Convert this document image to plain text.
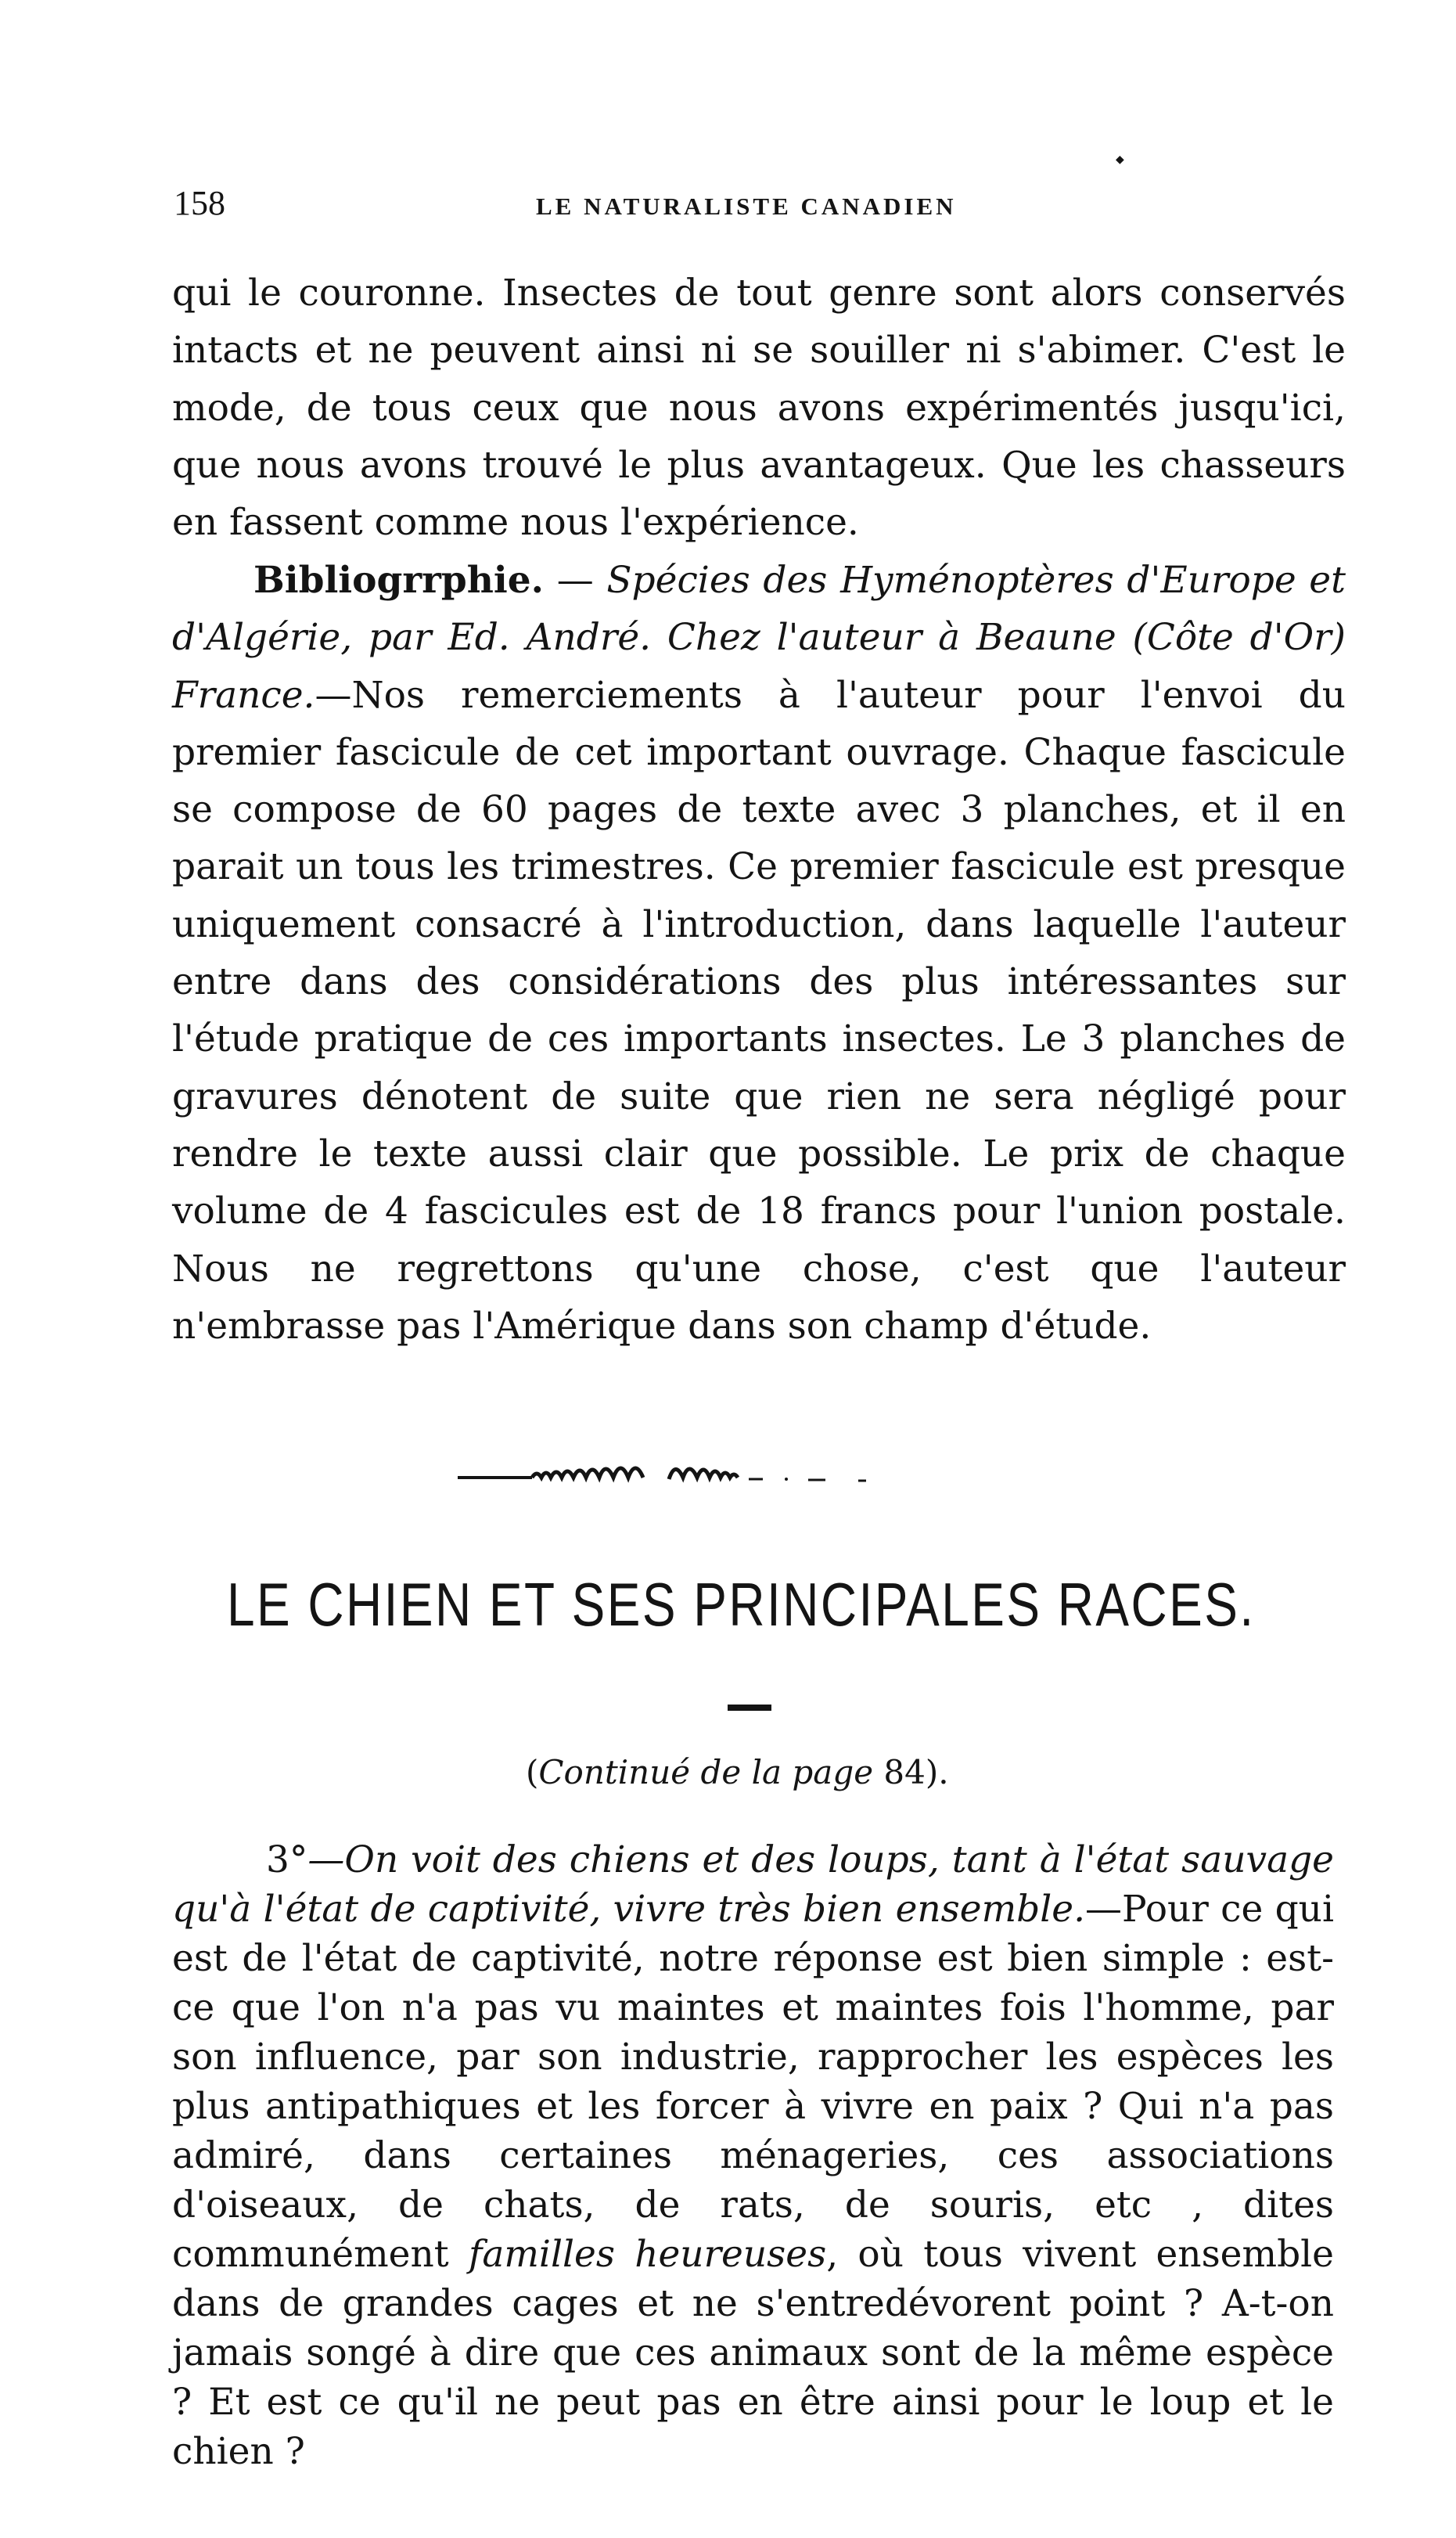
158	LE NATURALISTE CANADIEN
◆

qui le couronne. Insectes de tout genre sont alors conservés intacts et ne peuvent ainsi ni se souiller ni s'abimer. C'est le mode, de tous ceux que nous avons expérimentés jusqu'ici, que nous avons trouvé le plus avantageux. Que les chasseurs en fassent comme nous l'expérience.

Bibliogrrphie. — Spécies des Hyménoptères d'Europe et d'Algérie, par Ed. André. Chez l'auteur à Beaune (Côte d'Or) France.—Nos remerciements à l'auteur pour l'envoi du premier fascicule de cet important ouvrage. Chaque fascicule se compose de 60 pages de texte avec 3 planches, et il en parait un tous les trimestres. Ce premier fascicule est presque uniquement consacré à l'introduction, dans laquelle l'auteur entre dans des considérations des plus intéressantes sur l'étude pratique de ces importants insectes. Le 3 planches de gravures dénotent de suite que rien ne sera négligé pour rendre le texte aussi clair que possible. Le prix de chaque volume de 4 fascicules est de 18 francs pour l'union postale. Nous ne regrettons qu'une chose, c'est que l'auteur n'embrasse pas l'Amérique dans son champ d'étude.

LE CHIEN ET SES PRINCIPALES RACES.

(Continué de la page 84).

3°—On voit des chiens et des loups, tant à l'état sauvage qu'à l'état de captivité, vivre très bien ensemble.—Pour ce qui est de l'état de captivité, notre réponse est bien simple : est-ce que l'on n'a pas vu maintes et maintes fois l'homme, par son influence, par son industrie, rapprocher les espèces les plus antipathiques et les forcer à vivre en paix ? Qui n'a pas admiré, dans certaines ménageries, ces associations d'oiseaux, de chats, de rats, de souris, etc , dites communément familles heureuses, où tous vivent ensemble dans de grandes cages et ne s'entredévorent point ? A-t-on jamais songé à dire que ces animaux sont de la même espèce ? Et est ce qu'il ne peut pas en être ainsi pour le loup et le chien ?
